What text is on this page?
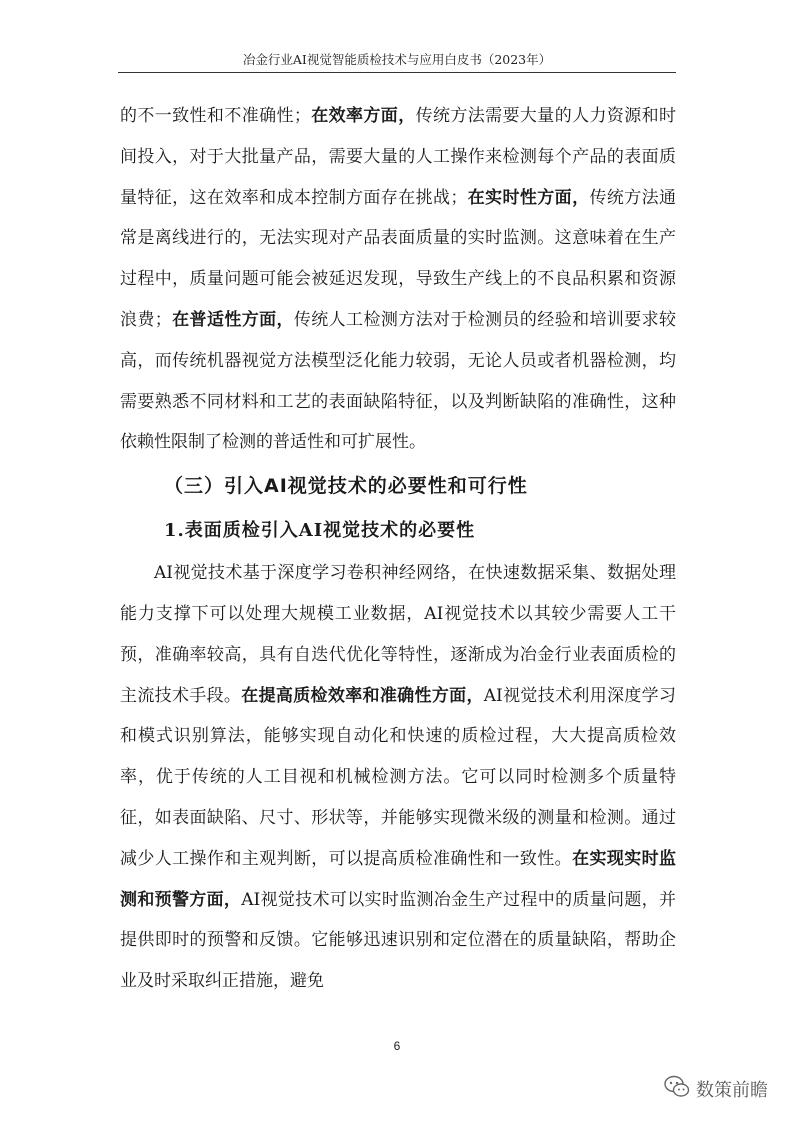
冶金行业AI视觉智能质检技术与应用白皮书（2023年）

的不一致性和不准确性；在效率方面，传统方法需要大量的人力资源和时间投入，对于大批量产品，需要大量的人工操作来检测每个产品的表面质量特征，这在效率和成本控制方面存在挑战；在实时性方面，传统方法通常是离线进行的，无法实现对产品表面质量的实时监测。这意味着在生产过程中，质量问题可能会被延迟发现，导致生产线上的不良品积累和资源浪费；在普适性方面，传统人工检测方法对于检测员的经验和培训要求较高，而传统机器视觉方法模型泛化能力较弱，无论人员或者机器检测，均需要熟悉不同材料和工艺的表面缺陷特征，以及判断缺陷的准确性，这种依赖性限制了检测的普适性和可扩展性。

（三）引入AI视觉技术的必要性和可行性
1.表面质检引入AI视觉技术的必要性

AI视觉技术基于深度学习卷积神经网络，在快速数据采集、数据处理能力支撑下可以处理大规模工业数据，AI视觉技术以其较少需要人工干预，准确率较高，具有自迭代优化等特性，逐渐成为冶金行业表面质检的主流技术手段。在提高质检效率和准确性方面，AI视觉技术利用深度学习和模式识别算法，能够实现自动化和快速的质检过程，大大提高质检效率，优于传统的人工目视和机械检测方法。它可以同时检测多个质量特征，如表面缺陷、尺寸、形状等，并能够实现微米级的测量和检测。通过减少人工操作和主观判断，可以提高质检准确性和一致性。在实现实时监测和预警方面，AI视觉技术可以实时监测冶金生产过程中的质量问题，并提供即时的预警和反馈。它能够迅速识别和定位潜在的质量缺陷，帮助企业及时采取纠正措施，避免

6
数策前瞻
